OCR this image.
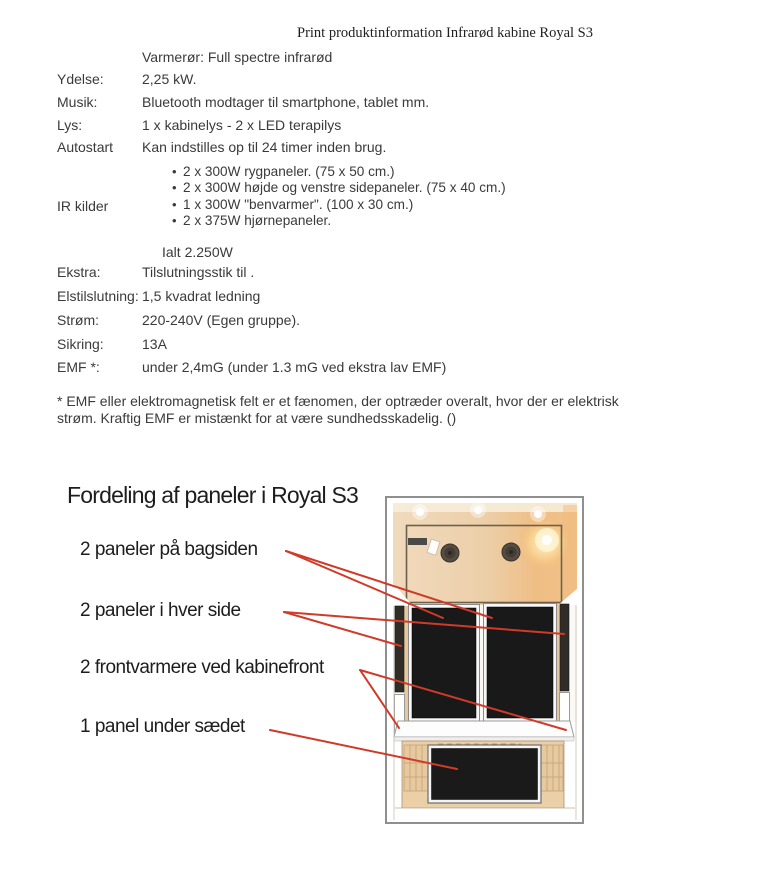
Print produktinformation Infrarød kabine Royal S3
Varmerør: Full spectre infrarød
Ydelse:	2,25 kW.
Musik:	Bluetooth modtager til smartphone, tablet mm.
Lys:	1 x kabinelys - 2 x LED terapilys
Autostart Kan indstilles op til 24 timer inden brug.
IR kilder
• 2 x 300W rygpaneler. (75 x 50 cm.)
• 2 x 300W højde og venstre sidepaneler. (75 x 40 cm.)
• 1 x 300W "benvarmer". (100 x 30 cm.)
• 2 x 375W hjørnepaneler.
Ialt 2.250W
Ekstra:	Tilslutningsstik til .
Elstilslutning: 1,5 kvadrat ledning
Strøm:	220-240V (Egen gruppe).
Sikring:	13A
EMF *:	under 2,4mG (under 1.3 mG ved ekstra lav EMF)
* EMF eller elektromagnetisk felt er et fænomen, der optræder overalt, hvor der er elektrisk
strøm. Kraftig EMF er mistænkt for at være sundhedsskadelig. ()
Fordeling af paneler i Royal S3
2 paneler på bagsiden
2 paneler i hver side
2 frontvarmere ved kabinefront
1 panel under sædet
